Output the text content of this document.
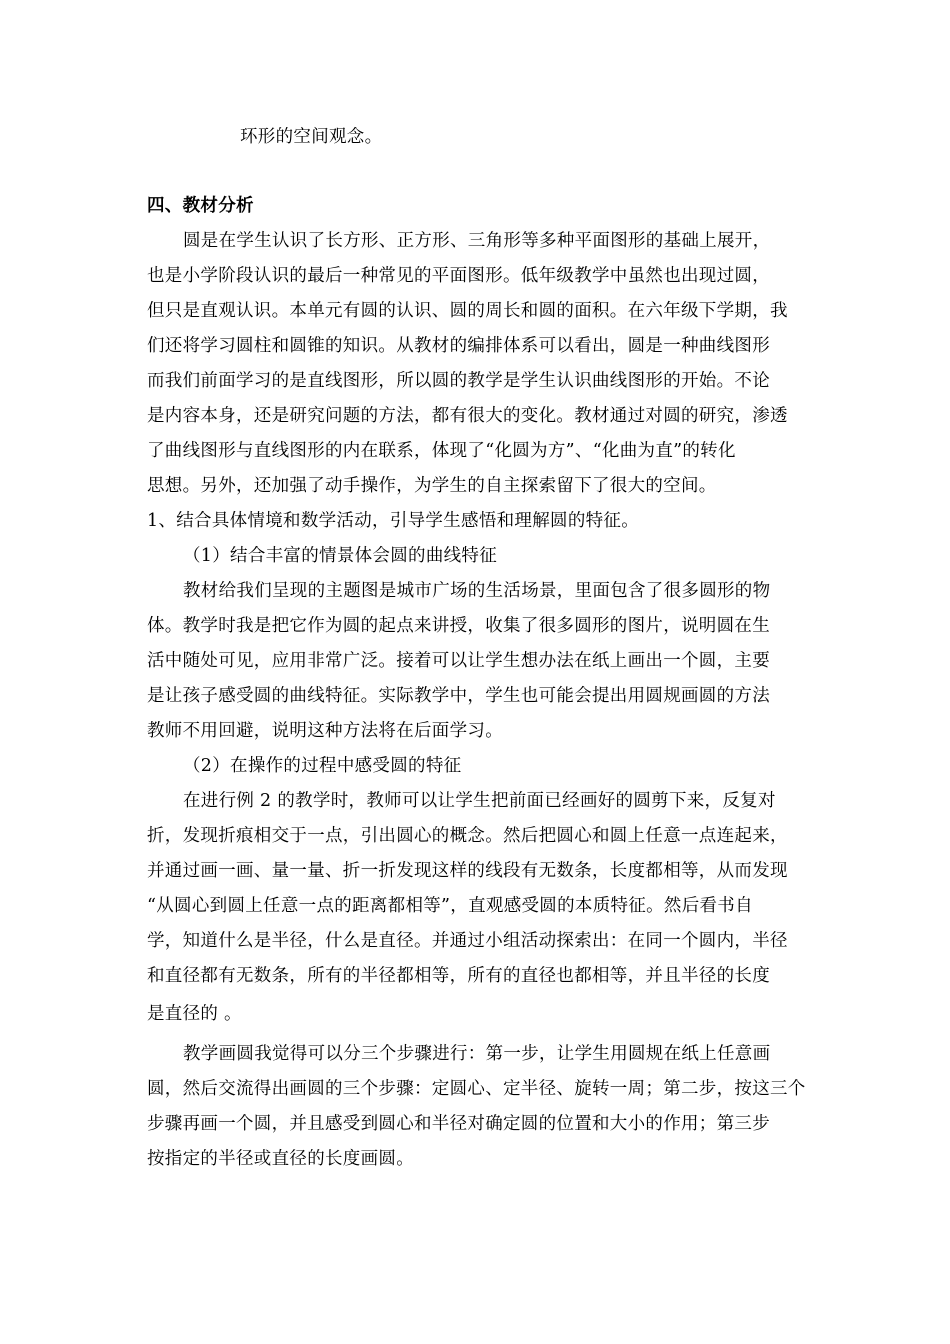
环形的空间观念。
四、教材分析
圆是在学生认识了长方形、正方形、三角形等多种平面图形的基础上展开，
也是小学阶段认识的最后一种常见的平面图形。低年级教学中虽然也出现过圆，
但只是直观认识。本单元有圆的认识、圆的周长和圆的面积。在六年级下学期，我
们还将学习圆柱和圆锥的知识。从教材的编排体系可以看出，圆是一种曲线图形
而我们前面学习的是直线图形，所以圆的教学是学生认识曲线图形的开始。不论
是内容本身，还是研究问题的方法，都有很大的变化。教材通过对圆的研究，渗透
了曲线图形与直线图形的内在联系，体现了“化圆为方”、“化曲为直”的转化
思想。另外，还加强了动手操作，为学生的自主探索留下了很大的空间。
1、结合具体情境和数学活动，引导学生感悟和理解圆的特征。
（1）结合丰富的情景体会圆的曲线特征
教材给我们呈现的主题图是城市广场的生活场景，里面包含了很多圆形的物
体。教学时我是把它作为圆的起点来讲授，收集了很多圆形的图片，说明圆在生
活中随处可见，应用非常广泛。接着可以让学生想办法在纸上画出一个圆，主要
是让孩子感受圆的曲线特征。实际教学中，学生也可能会提出用圆规画圆的方法
教师不用回避，说明这种方法将在后面学习。
（2）在操作的过程中感受圆的特征
在进行例 2 的教学时，教师可以让学生把前面已经画好的圆剪下来，反复对
折，发现折痕相交于一点，引出圆心的概念。然后把圆心和圆上任意一点连起来，
并通过画一画、量一量、折一折发现这样的线段有无数条，长度都相等，从而发现
“从圆心到圆上任意一点的距离都相等”，直观感受圆的本质特征。然后看书自
学，知道什么是半径，什么是直径。并通过小组活动探索出：在同一个圆内，半径
和直径都有无数条，所有的半径都相等，所有的直径也都相等，并且半径的长度
是直径的 。
教学画圆我觉得可以分三个步骤进行：第一步，让学生用圆规在纸上任意画
圆，然后交流得出画圆的三个步骤：定圆心、定半径、旋转一周；第二步，按这三个
步骤再画一个圆，并且感受到圆心和半径对确定圆的位置和大小的作用；第三步
按指定的半径或直径的长度画圆。
